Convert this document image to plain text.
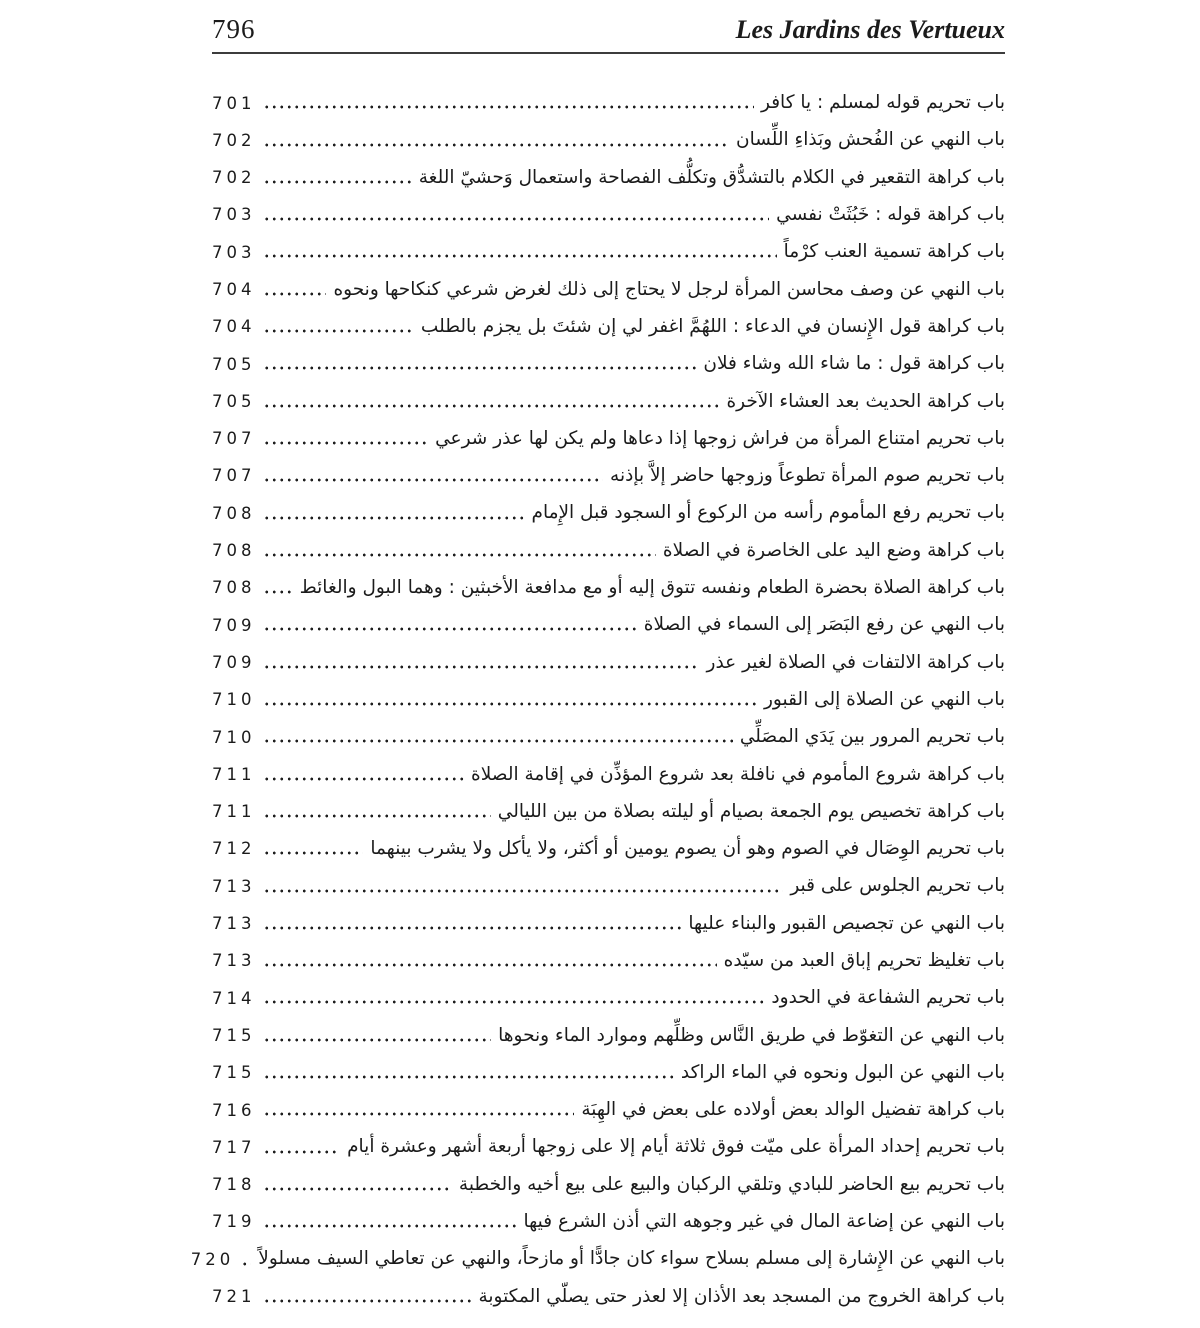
796	Les Jardins des Vertueux
باب تحريم قوله لمسلم : يا كافر
701
باب النهي عن الفُحش وبَذاءِ اللِّسان
702
باب كراهة التقعير في الكلام بالتشدُّق وتكلُّف الفصاحة واستعمال وَحشيّ اللغة
702
باب كراهة قوله : خَبُثَتْ نفسي
703
باب كراهة تسمية العنب كرْماً
703
باب النهي عن وصف محاسن المرأة لرجل لا يحتاج إلى ذلك لغرض شرعي كنكاحها ونحوه
704
باب كراهة قول الإِنسان في الدعاء : اللهُمَّ اغفر لي إن شئتَ بل يجزم بالطلب
704
باب كراهة قول : ما شاء الله وشاء فلان
705
باب كراهة الحديث بعد العشاء الآخرة
705
باب تحريم امتناع المرأة من فراش زوجها إذا دعاها ولم يكن لها عذر شرعي
707
باب تحريم صوم المرأة تطوعاً وزوجها حاضر إلاَّ بإذنه
707
باب تحريم رفع المأموم رأسه من الركوع أو السجود قبل الإِمام
708
باب كراهة وضع اليد على الخاصرة في الصلاة
708
باب كراهة الصلاة بحضرة الطعام ونفسه تتوق إليه أو مع مدافعة الأخبثين : وهما البول والغائط
708
باب النهي عن رفع البَصَر إلى السماء في الصلاة
709
باب كراهة الالتفات في الصلاة لغير عذر
709
باب النهي عن الصلاة إلى القبور
710
باب تحريم المرور بين يَدَي المصَلِّي
710
باب كراهة شروع المأموم في نافلة بعد شروع المؤذِّن في إقامة الصلاة
711
باب كراهة تخصيص يوم الجمعة بصيام أو ليلته بصلاة من بين الليالي
711
باب تحريم الوِصَال في الصوم وهو أن يصوم يومين أو أكثر، ولا يأكل ولا يشرب بينهما
712
باب تحريم الجلوس على قبر
713
باب النهي عن تجصيص القبور والبناء عليها
713
باب تغليظ تحريم إباق العبد من سيّده
713
باب تحريم الشفاعة في الحدود
714
باب النهي عن التغوّط في طريق النَّاس وظلِّهم وموارد الماء ونحوها
715
باب النهي عن البول ونحوه في الماء الراكد
715
باب كراهة تفضيل الوالد بعض أولاده على بعض في الهِبَة
716
باب تحريم إحداد المرأة على ميّت فوق ثلاثة أيام إلا على زوجها أربعة أشهر وعشرة أيام
717
باب تحريم بيع الحاضر للبادي وتلقي الركبان والبيع على بيع أخيه والخطبة
718
باب النهي عن إضاعة المال في غير وجوهه التي أذن الشرع فيها
719
باب النهي عن الإِشارة إلى مسلم بسلاح سواء كان جادًّا أو مازحاً، والنهي عن تعاطي السيف مسلولاً
720
باب كراهة الخروج من المسجد بعد الأذان إلا لعذر حتى يصلّي المكتوبة
721
